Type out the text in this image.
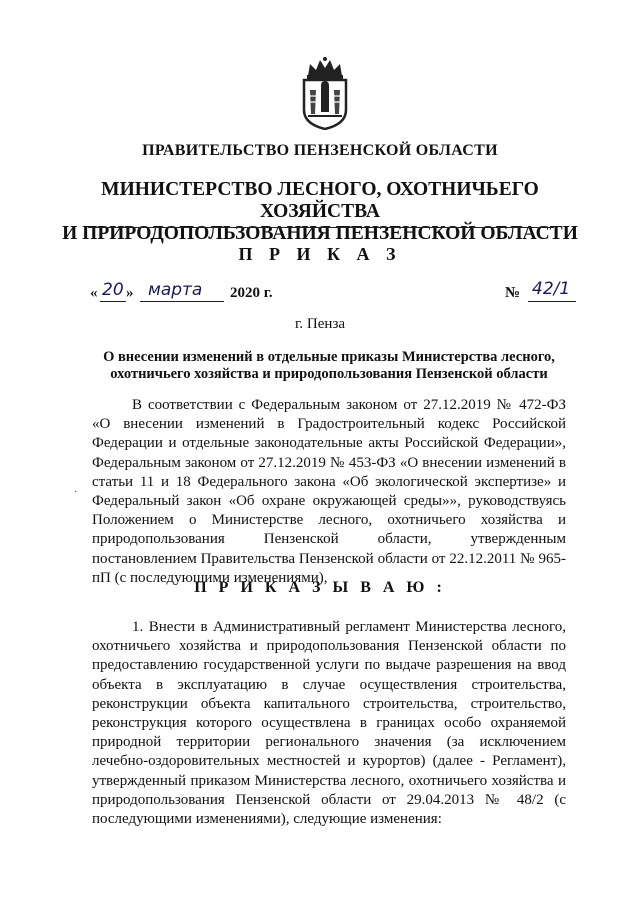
ПРАВИТЕЛЬСТВО ПЕНЗЕНСКОЙ ОБЛАСТИ
МИНИСТЕРСТВО ЛЕСНОГО, ОХОТНИЧЬЕГО ХОЗЯЙСТВА
И ПРИРОДОПОЛЬЗОВАНИЯ ПЕНЗЕНСКОЙ ОБЛАСТИ
П Р И К А З
« 20 » марта 2020 г.	№ 42/1
г. Пенза
О внесении изменений в отдельные приказы Министерства лесного, охотничьего хозяйства и природопользования Пензенской области

В соответствии с Федеральным законом от 27.12.2019 № 472-ФЗ «О внесении изменений в Градостроительный кодекс Российской Федерации и отдельные законодательные акты Российской Федерации», Федеральным законом от 27.12.2019 № 453-ФЗ «О внесении изменений в статьи 11 и 18 Федерального закона «Об экологической экспертизе» и Федеральный закон «Об охране окружающей среды»», руководствуясь Положением о Министерстве лесного, охотничьего хозяйства и природопользования Пензенской области, утвержденным постановлением Правительства Пензенской области от 22.12.2011 № 965-пП (с последующими изменениями),

·
П Р И К А З Ы В А Ю :

1. Внести в Административный регламент Министерства лесного, охотничьего хозяйства и природопользования Пензенской области по предоставлению государственной услуги по выдаче разрешения на ввод объекта в эксплуатацию в случае осуществления строительства, реконструкции объекта капитального строительства, строительство, реконструкция которого осуществлена в границах особо охраняемой природной территории регионального значения (за исключением лечебно-оздоровительных местностей и курортов) (далее - Регламент), утвержденный приказом Министерства лесного, охотничьего хозяйства и природопользования Пензенской области от 29.04.2013 № 48/2 (с последующими изменениями), следующие изменения:
